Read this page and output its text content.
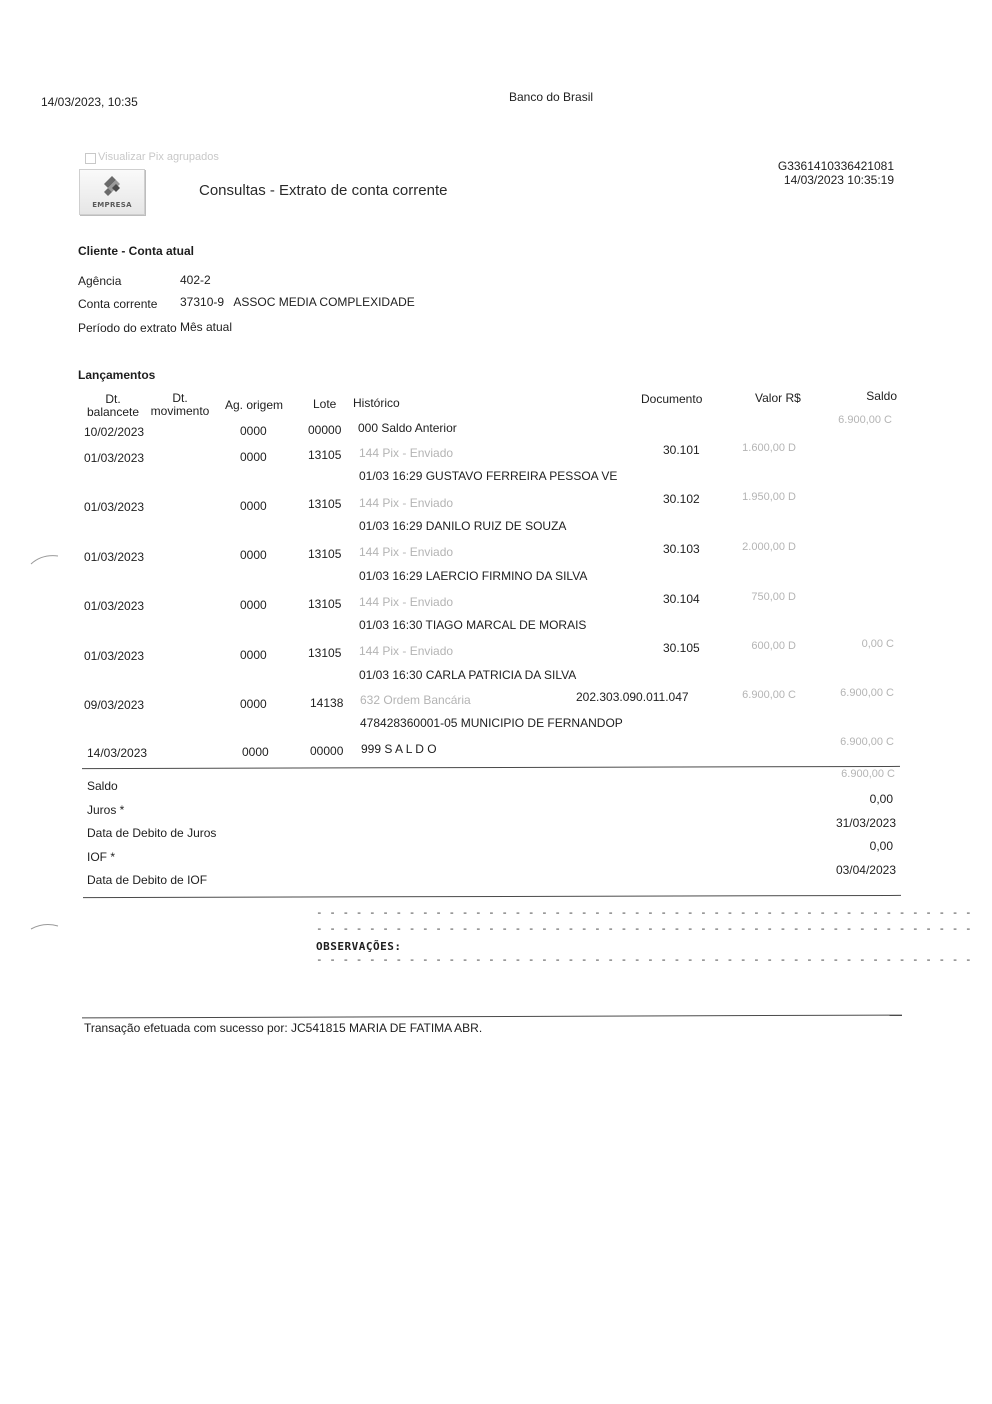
14/03/2023, 10:35	Banco do Brasil
Visualizar Pix agrupados
EMPRESA
Consultas - Extrato de conta corrente
G3361410336421081
14/03/2023 10:35:19
Cliente - Conta atual
Agência	402-2
Conta corrente 37310-9   ASSOC MEDIA COMPLEXIDADE
Período do extrato Mês atual
Lançamentos
Dt.
balancete
Dt.
movimento Ag. origem Lote Histórico	Documento	Valor R$	Saldo
10/02/2023	0000	00000 000 Saldo Anterior
6.900,00 C
01/03/2023	0000	13105 144 Pix - Enviado	30.101	1.600,00 D
01/03 16:29 GUSTAVO FERREIRA PESSOA VE
01/03/2023	0000	13105 144 Pix - Enviado	30.102	1.950,00 D
01/03 16:29 DANILO RUIZ DE SOUZA
01/03/2023	0000	13105 144 Pix - Enviado	30.103	2.000,00 D
01/03 16:29 LAERCIO FIRMINO DA SILVA
01/03/2023	0000	13105 144 Pix - Enviado	30.104	750,00 D
01/03 16:30 TIAGO MARCAL DE MORAIS
01/03/2023	0000	13105 144 Pix - Enviado	30.105	600,00 D	0,00 C
01/03 16:30 CARLA PATRICIA DA SILVA
09/03/2023	0000	14138 632 Ordem Bancária	202.303.090.011.047	6.900,00 C	6.900,00 C
478428360001-05 MUNICIPIO DE FERNANDOP
14/03/2023	0000	00000 999 S A L D O	6.900,00 C
Saldo
6.900,00 C
Juros *
0,00
Data de Debito de Juros
31/03/2023
IOF *
0,00
Data de Debito de IOF
03/04/2023
- - - - - - - - - - - - - - - - - - - - - - - - - - - - - - - - - - - - - - - - - - - - - - - - - -
- - - - - - - - - - - - - - - - - - - - - - - - - - - - - - - - - - - - - - - - - - - - - - - - - -
OBSERVAÇÕES:
- - - - - - - - - - - - - - - - - - - - - - - - - - - - - - - - - - - - - - - - - - - - - - - - - -
Transação efetuada com sucesso por: JC541815 MARIA DE FATIMA ABR.
